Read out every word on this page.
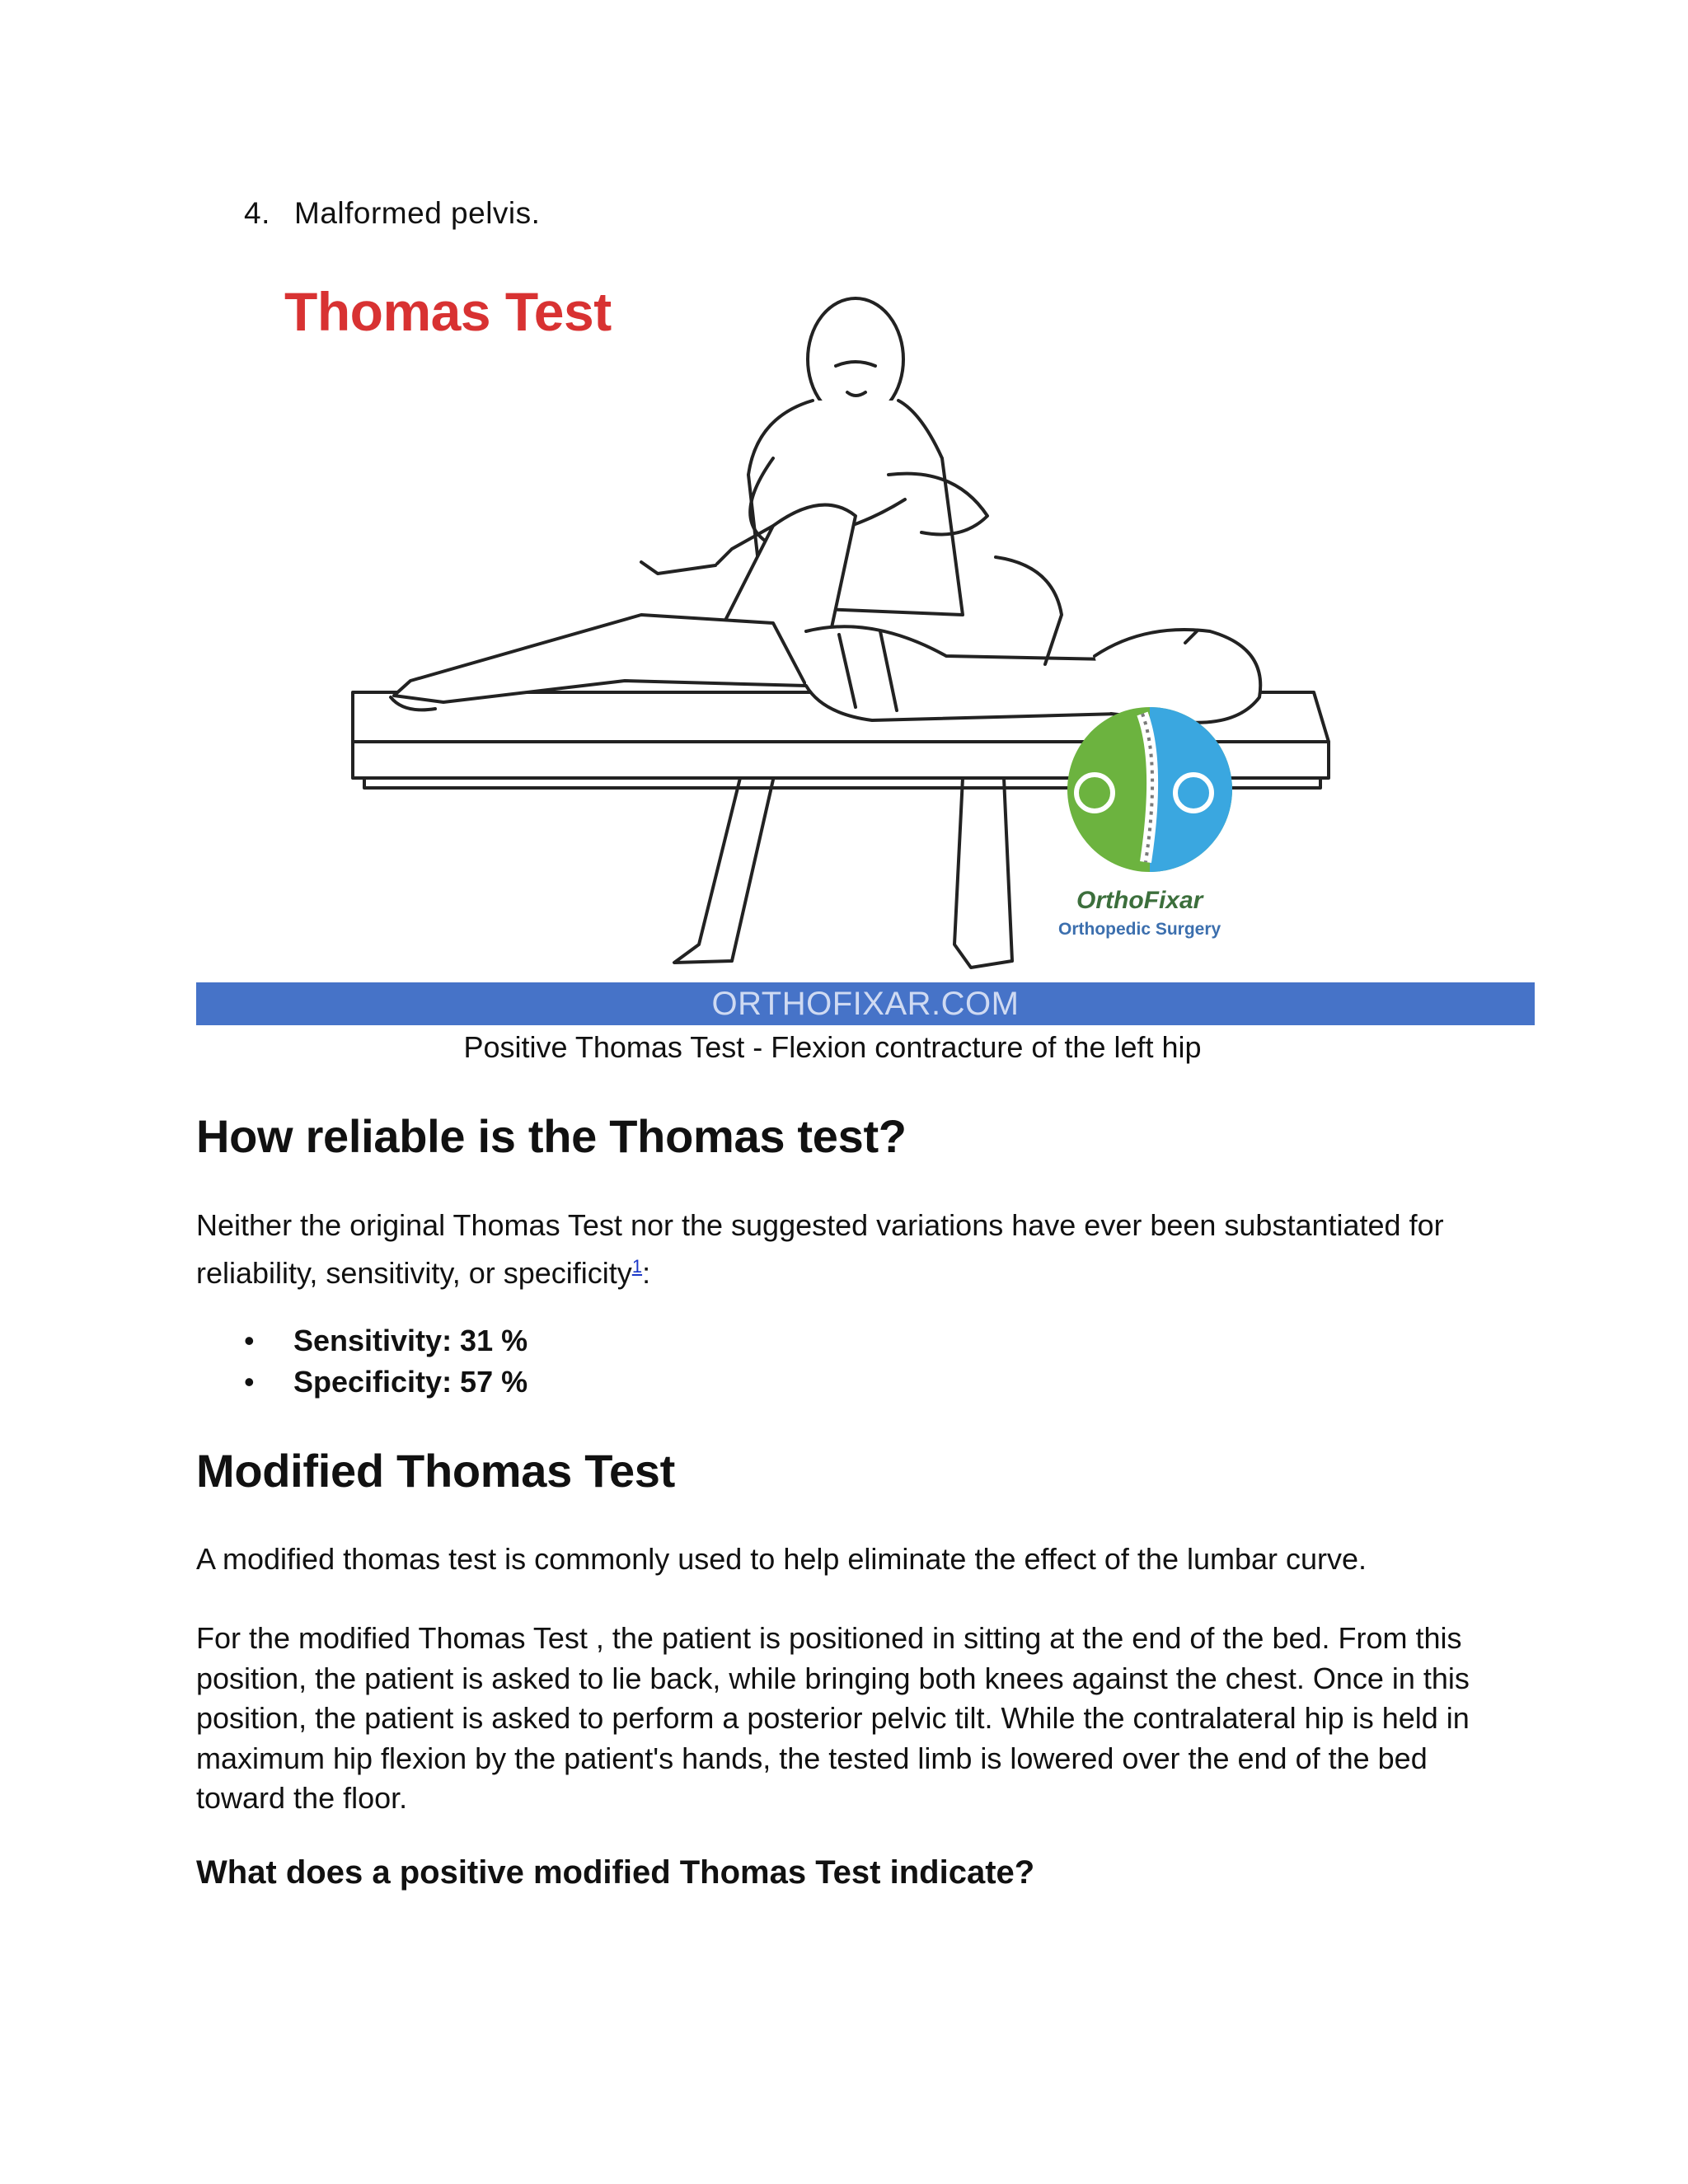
4. Malformed pelvis.
ORTHOFIXAR.COM
Thomas Test
OrthoFixar
Orthopedic Surgery

Positive Thomas Test - Flexion contracture of the left hip

How reliable is the Thomas test?

Neither the original Thomas Test nor the suggested variations have ever been substantiated for reliability, sensitivity, or specificity$^1$:

• Sensitivity: 31 %
• Specificity: 57 %
Modified Thomas Test

A modified thomas test is commonly used to help eliminate the effect of the lumbar curve.

For the modified Thomas Test , the patient is positioned in sitting at the end of the bed. From this position, the patient is asked to lie back, while bringing both knees against the chest. Once in this position, the patient is asked to perform a posterior pelvic tilt. While the contralateral hip is held in maximum hip flexion by the patient's hands, the tested limb is lowered over the end of the bed toward the floor.

What does a positive modified Thomas Test indicate?
